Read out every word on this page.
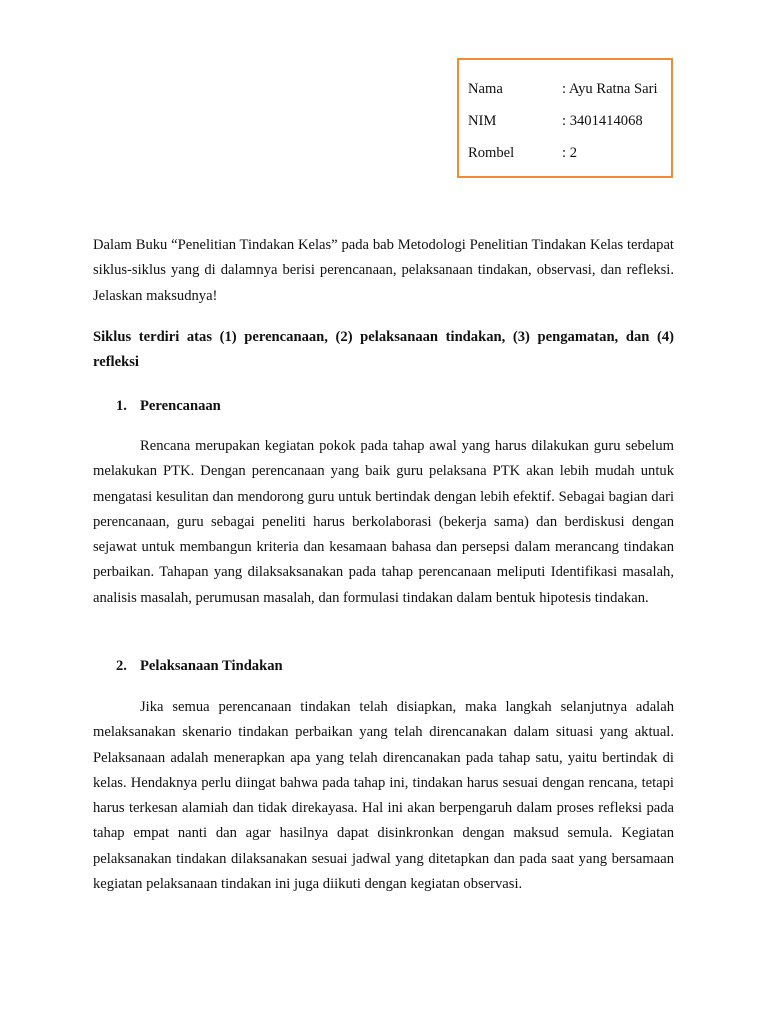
Nama	: Ayu Ratna Sari
NIM	: 3401414068
Rombel	: 2

Dalam Buku “Penelitian Tindakan Kelas” pada bab Metodologi Penelitian Tindakan Kelas terdapat siklus-siklus yang di dalamnya berisi perencanaan, pelaksanaan tindakan, observasi, dan refleksi. Jelaskan maksudnya!

Siklus terdiri atas (1) perencanaan, (2) pelaksanaan tindakan, (3) pengamatan, dan (4) refleksi

1. Perencanaan

Rencana merupakan kegiatan pokok pada tahap awal yang harus dilakukan guru sebelum melakukan PTK. Dengan perencanaan yang baik guru pelaksana PTK akan lebih mudah untuk mengatasi kesulitan dan mendorong guru untuk bertindak dengan lebih efektif. Sebagai bagian dari perencanaan, guru sebagai peneliti harus berkolaborasi (bekerja sama) dan berdiskusi dengan sejawat untuk membangun kriteria dan kesamaan bahasa dan persepsi dalam merancang tindakan perbaikan. Tahapan yang dilaksaksanakan pada tahap perencanaan meliputi Identifikasi masalah, analisis masalah, perumusan masalah, dan formulasi tindakan dalam bentuk hipotesis tindakan.

2. Pelaksanaan Tindakan

Jika semua perencanaan tindakan telah disiapkan, maka langkah selanjutnya adalah melaksanakan skenario tindakan perbaikan yang telah direncanakan dalam situasi yang aktual. Pelaksanaan adalah menerapkan apa yang telah direncanakan pada tahap satu, yaitu bertindak di kelas. Hendaknya perlu diingat bahwa pada tahap ini, tindakan harus sesuai dengan rencana, tetapi harus terkesan alamiah dan tidak direkayasa. Hal ini akan berpengaruh dalam proses refleksi pada tahap empat nanti dan agar hasilnya dapat disinkronkan dengan maksud semula. Kegiatan pelaksanakan tindakan dilaksanakan sesuai jadwal yang ditetapkan dan pada saat yang bersamaan kegiatan pelaksanaan tindakan ini juga diikuti dengan kegiatan observasi.
